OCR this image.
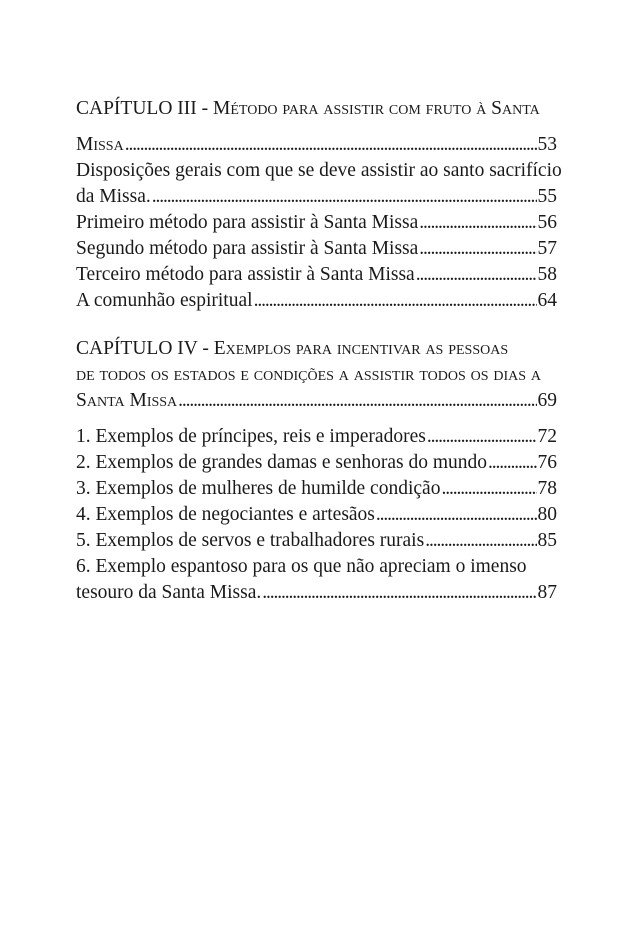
CAPÍTULO III - Método para assistir com fruto à Santa
Missa . . .	53
Disposições gerais com que se deve assistir ao santo sacrifício
da Missa. . . .	55
Primeiro método para assistir à Santa Missa . . .	56
Segundo método para assistir à Santa Missa . . .	57
Terceiro método para assistir à Santa Missa . . .	58
A comunhão espiritual . . .	64
CAPÍTULO IV - Exemplos para incentivar as pessoas
de todos os estados e condições a assistir todos os dias a
Santa Missa . . .	69
1. Exemplos de príncipes, reis e imperadores . . .	72
2. Exemplos de grandes damas e senhoras do mundo . . .	76
3. Exemplos de mulheres de humilde condição . . .	78
4. Exemplos de negociantes e artesãos . . .	80
5. Exemplos de servos e trabalhadores rurais . . .	85
6. Exemplo espantoso para os que não apreciam o imenso
tesouro da Santa Missa. . . .	87
